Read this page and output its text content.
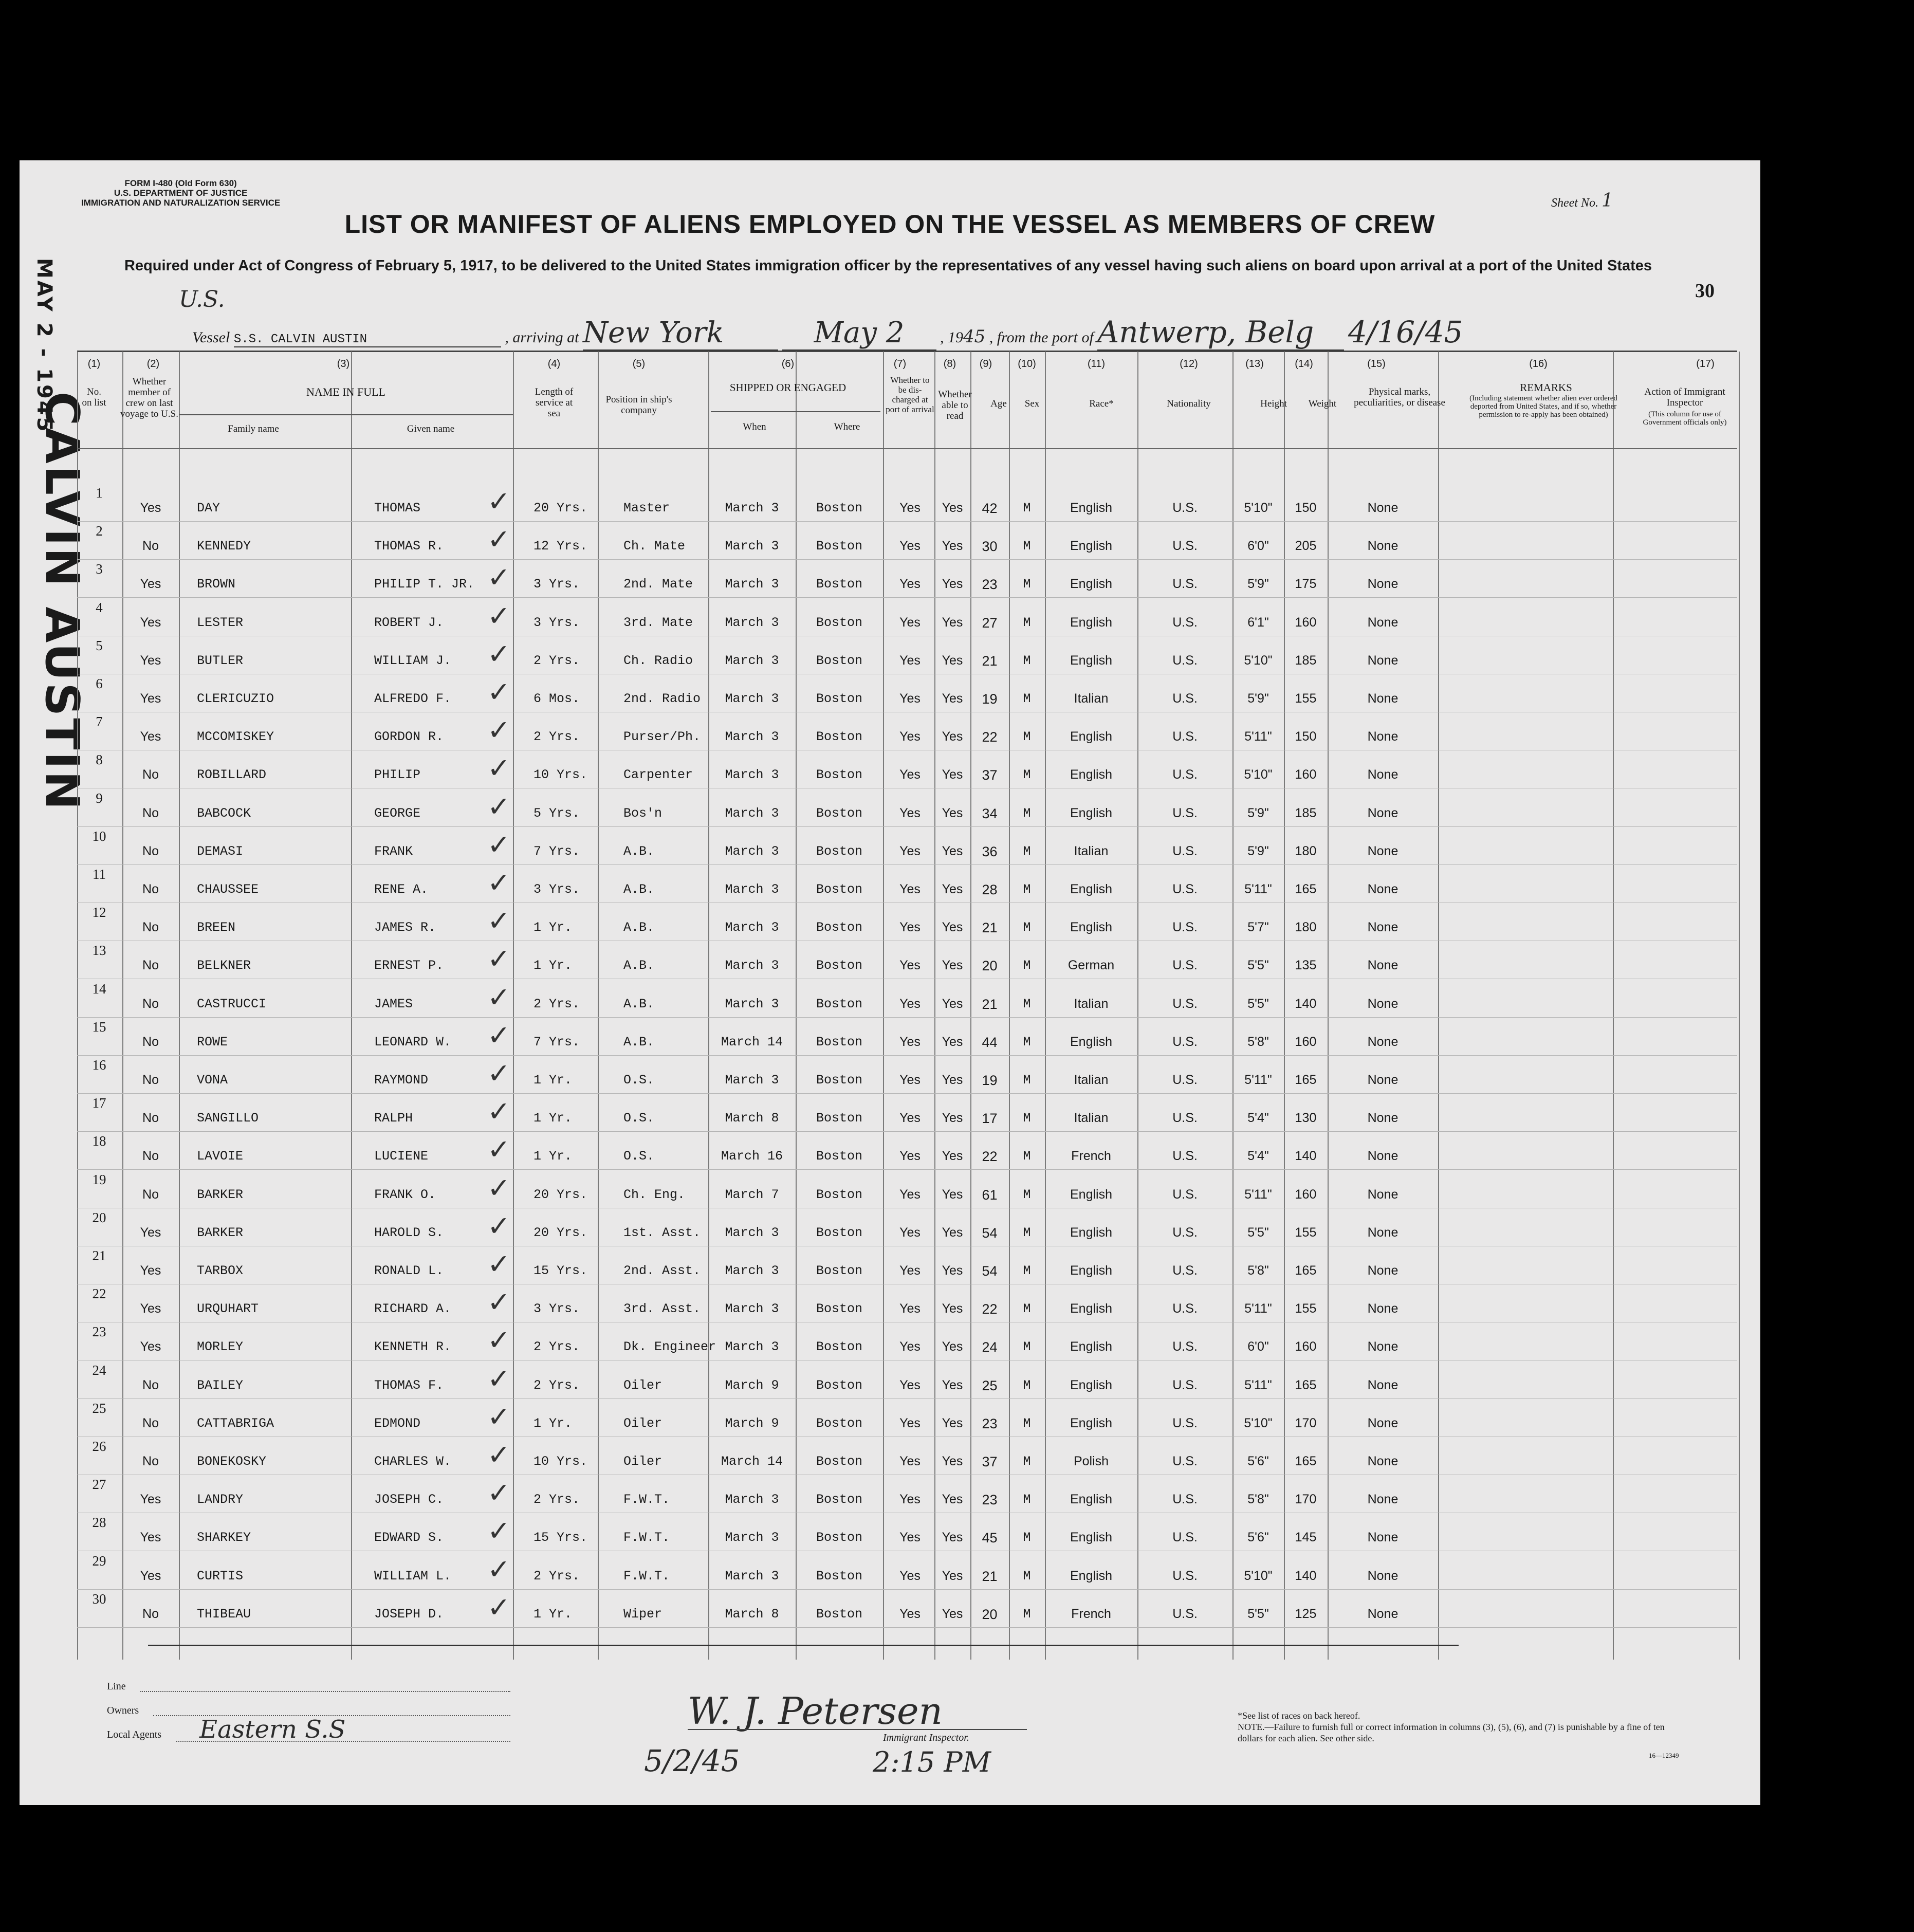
FORM I-480 (Old Form 630)
U.S. DEPARTMENT OF JUSTICE
IMMIGRATION AND NATURALIZATION SERVICE	Sheet No. 1
LIST OR MANIFEST OF ALIENS EMPLOYED ON THE VESSEL AS MEMBERS OF CREW
Required under Act of Congress of February 5, 1917, to be delivered to the United States immigration officer by the representatives of any vessel having such aliens on board upon arrival at a port of the United States
30
MAY 2 - 1945
CALVIN AUSTIN
U.S.
Vessel S.S. CALVIN AUSTIN	, arriving at New York	May 2 , 1945 , from the port of Antwerp, Belg 4/16/45
(1)	(2)	(3)	(4)	(5)	(6)	(7)	(8)	(9)	(10)	(11)	(12)	(13)	(14)	(15)	(16)	(17)
No. on list
Whether member of crew on last voyage to U.S.
NAME IN FULL
Family name	Given name
Length of service at sea
Position in ship's company
SHIPPED OR ENGAGED
When	Where
Whether to be dis-charged at port of arrival
Whether able to read
Age	Sex	Race*	Nationality	Height	Weight
Physical marks, peculiarities, or disease
REMARKS
(Including statement whether alien ever ordered deported from United States, and if so, whether permission to re-apply has been obtained)
Action of Immigrant Inspector
(This column for use of Government officials only)
1
Yes	DAY	THOMAS	20 Yrs.	Master	March 3	Boston	Yes	Yes	42	M	English	U.S.	5'10"	150	None
✓
2
No	KENNEDY	THOMAS R.	12 Yrs.	Ch. Mate	March 3	Boston	Yes	Yes	30	M	English	U.S.	6'0"	205	None
✓
3
Yes	BROWN	PHILIP T. JR.	3 Yrs.	2nd. Mate	March 3	Boston	Yes	Yes	23	M	English	U.S.	5'9"	175	None
✓
4
Yes	LESTER	ROBERT J.	3 Yrs.	3rd. Mate	March 3	Boston	Yes	Yes	27	M	English	U.S.	6'1"	160	None
✓
5
Yes	BUTLER	WILLIAM J.	2 Yrs.	Ch. Radio	March 3	Boston	Yes	Yes	21	M	English	U.S.	5'10"	185	None
✓
6
Yes	CLERICUZIO	ALFREDO F.	6 Mos.	2nd. Radio	March 3	Boston	Yes	Yes	19	M	Italian	U.S.	5'9"	155	None
✓
7
Yes	MCCOMISKEY	GORDON R.	2 Yrs.	Purser/Ph.	March 3	Boston	Yes	Yes	22	M	English	U.S.	5'11"	150	None
✓
8
No	ROBILLARD	PHILIP	10 Yrs.	Carpenter	March 3	Boston	Yes	Yes	37	M	English	U.S.	5'10"	160	None
✓
9
No	BABCOCK	GEORGE	5 Yrs.	Bos'n	March 3	Boston	Yes	Yes	34	M	English	U.S.	5'9"	185	None
✓
10
No	DEMASI	FRANK	7 Yrs.	A.B.	March 3	Boston	Yes	Yes	36	M	Italian	U.S.	5'9"	180	None
✓
11
No	CHAUSSEE	RENE A.	3 Yrs.	A.B.	March 3	Boston	Yes	Yes	28	M	English	U.S.	5'11"	165	None
✓
12
No	BREEN	JAMES R.	1 Yr.	A.B.	March 3	Boston	Yes	Yes	21	M	English	U.S.	5'7"	180	None
✓
13
No	BELKNER	ERNEST P.	1 Yr.	A.B.	March 3	Boston	Yes	Yes	20	M	German	U.S.	5'5"	135	None
✓
14
No	CASTRUCCI	JAMES	2 Yrs.	A.B.	March 3	Boston	Yes	Yes	21	M	Italian	U.S.	5'5"	140	None
✓
15
No	ROWE	LEONARD W.	7 Yrs.	A.B.	March 14	Boston	Yes	Yes	44	M	English	U.S.	5'8"	160	None
✓
16
No	VONA	RAYMOND	1 Yr.	O.S.	March 3	Boston	Yes	Yes	19	M	Italian	U.S.	5'11"	165	None
✓
17
No	SANGILLO	RALPH	1 Yr.	O.S.	March 8	Boston	Yes	Yes	17	M	Italian	U.S.	5'4"	130	None
✓
18
No	LAVOIE	LUCIENE	1 Yr.	O.S.	March 16	Boston	Yes	Yes	22	M	French	U.S.	5'4"	140	None
✓
19
No	BARKER	FRANK O.	20 Yrs.	Ch. Eng.	March 7	Boston	Yes	Yes	61	M	English	U.S.	5'11"	160	None
✓
20
Yes	BARKER	HAROLD S.	20 Yrs.	1st. Asst.	March 3	Boston	Yes	Yes	54	M	English	U.S.	5'5"	155	None
✓
21
Yes	TARBOX	RONALD L.	15 Yrs.	2nd. Asst.	March 3	Boston	Yes	Yes	54	M	English	U.S.	5'8"	165	None
✓
22
Yes	URQUHART	RICHARD A.	3 Yrs.	3rd. Asst.	March 3	Boston	Yes	Yes	22	M	English	U.S.	5'11"	155	None
✓
23
Yes	MORLEY	KENNETH R.	2 Yrs.	Dk. Engineer March 3	Boston	Yes	Yes	24	M	English	U.S.	6'0"	160	None
✓
24
No	BAILEY	THOMAS F.	2 Yrs.	Oiler	March 9	Boston	Yes	Yes	25	M	English	U.S.	5'11"	165	None
✓
25
No	CATTABRIGA	EDMOND	1 Yr.	Oiler	March 9	Boston	Yes	Yes	23	M	English	U.S.	5'10"	170	None
✓
26
No	BONEKOSKY	CHARLES W.	10 Yrs.	Oiler	March 14	Boston	Yes	Yes	37	M	Polish	U.S.	5'6"	165	None
✓
27
Yes	LANDRY	JOSEPH C.	2 Yrs.	F.W.T.	March 3	Boston	Yes	Yes	23	M	English	U.S.	5'8"	170	None
✓
28
Yes	SHARKEY	EDWARD S.	15 Yrs.	F.W.T.	March 3	Boston	Yes	Yes	45	M	English	U.S.	5'6"	145	None
✓
29
Yes	CURTIS	WILLIAM L.	2 Yrs.	F.W.T.	March 3	Boston	Yes	Yes	21	M	English	U.S.	5'10"	140	None
✓
30
No	THIBEAU	JOSEPH D.	1 Yr.	Wiper	March 8	Boston	Yes	Yes	20	M	French	U.S.	5'5"	125	None
✓
Line
Owners
Local Agents Eastern S.S	W. J. Petersen
Immigrant Inspector.
5/2/45	2:15 PM
*See list of races on back hereof.
NOTE.—Failure to furnish full or correct information in columns (3), (5), (6), and (7) is punishable by a fine of ten dollars for each alien. See other side.
16—12349
